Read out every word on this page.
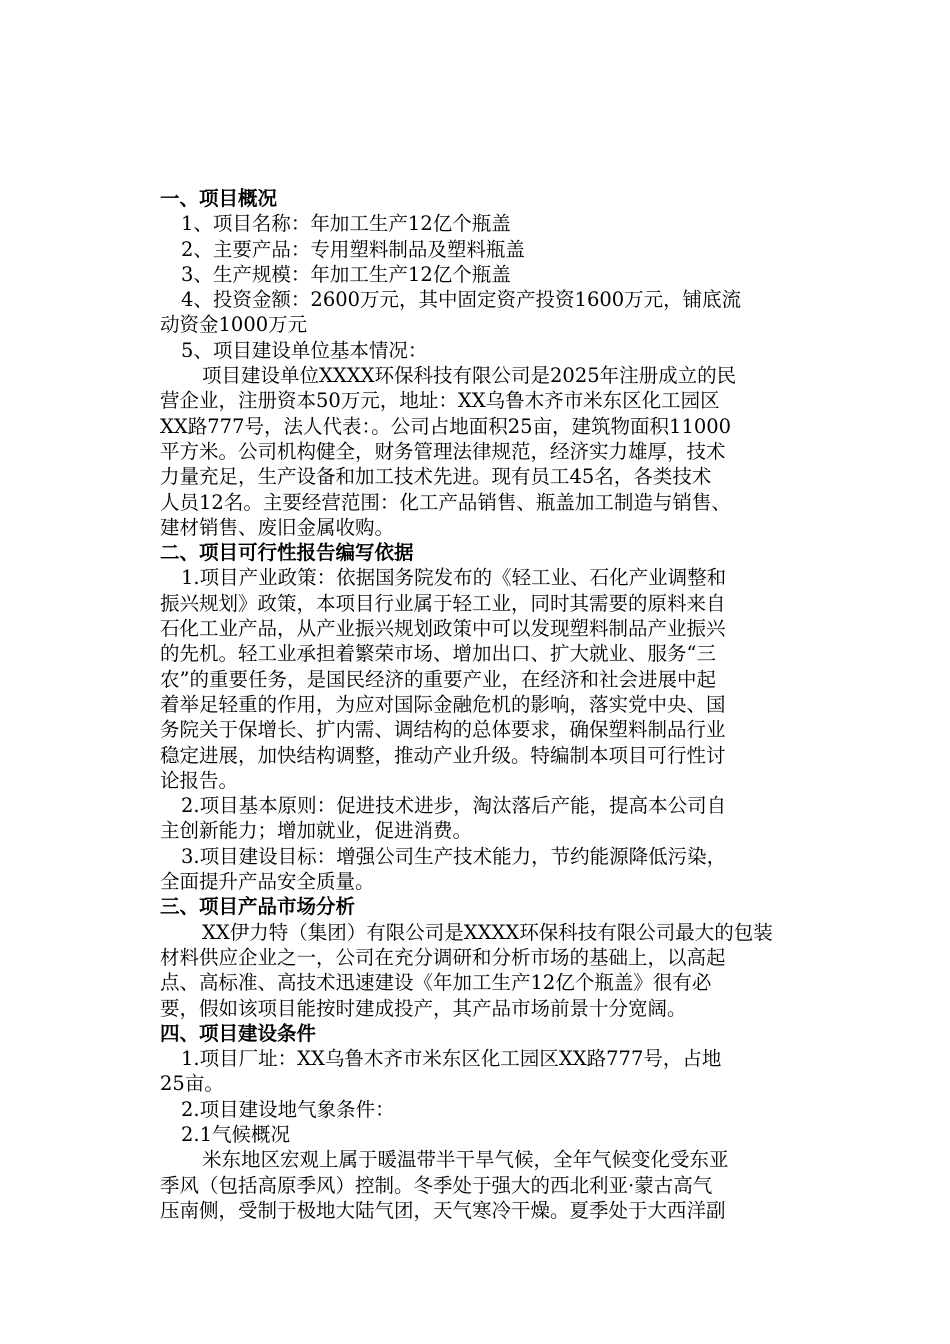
一、项目概况
1、项目名称：年加工生产12亿个瓶盖
2、主要产品：专用塑料制品及塑料瓶盖
3、生产规模：年加工生产12亿个瓶盖
4、投资金额：2600万元，其中固定资产投资1600万元，铺底流
动资金1000万元
5、项目建设单位基本情况：
项目建设单位XXXX环保科技有限公司是2025年注册成立的民
营企业，注册资本50万元，地址：XX乌鲁木齐市米东区化工园区
XX路777号，法人代表：。公司占地面积25亩，建筑物面积11000
平方米。公司机构健全，财务管理法律规范，经济实力雄厚，技术
力量充足，生产设备和加工技术先进。现有员工45名，各类技术
人员12名。主要经营范围：化工产品销售、瓶盖加工制造与销售、
建材销售、废旧金属收购。
二、项目可行性报告编写依据
1.项目产业政策：依据国务院发布的《轻工业、石化产业调整和
振兴规划》政策，本项目行业属于轻工业，同时其需要的原料来自
石化工业产品，从产业振兴规划政策中可以发现塑料制品产业振兴
的先机。轻工业承担着繁荣市场、增加出口、扩大就业、服务“三
农”的重要任务，是国民经济的重要产业，在经济和社会进展中起
着举足轻重的作用，为应对国际金融危机的影响，落实党中央、国
务院关于保增长、扩内需、调结构的总体要求，确保塑料制品行业
稳定进展，加快结构调整，推动产业升级。特编制本项目可行性讨
论报告。
2.项目基本原则：促进技术进步，淘汰落后产能，提高本公司自
主创新能力；增加就业，促进消费。
3.项目建设目标：增强公司生产技术能力，节约能源降低污染，
全面提升产品安全质量。
三、项目产品市场分析
XX伊力特（集团）有限公司是XXXX环保科技有限公司最大的包装
材料供应企业之一，公司在充分调研和分析市场的基础上，以高起
点、高标准、高技术迅速建设《年加工生产12亿个瓶盖》很有必
要，假如该项目能按时建成投产，其产品市场前景十分宽阔。
四、项目建设条件
1.项目厂址：XX乌鲁木齐市米东区化工园区XX路777号，占地
25亩。
2.项目建设地气象条件：
2.1气候概况
米东地区宏观上属于暖温带半干旱气候，全年气候变化受东亚
季风（包括高原季风）控制。冬季处于强大的西北利亚·蒙古高气
压南侧，受制于极地大陆气团，天气寒冷干燥。夏季处于大西洋副
